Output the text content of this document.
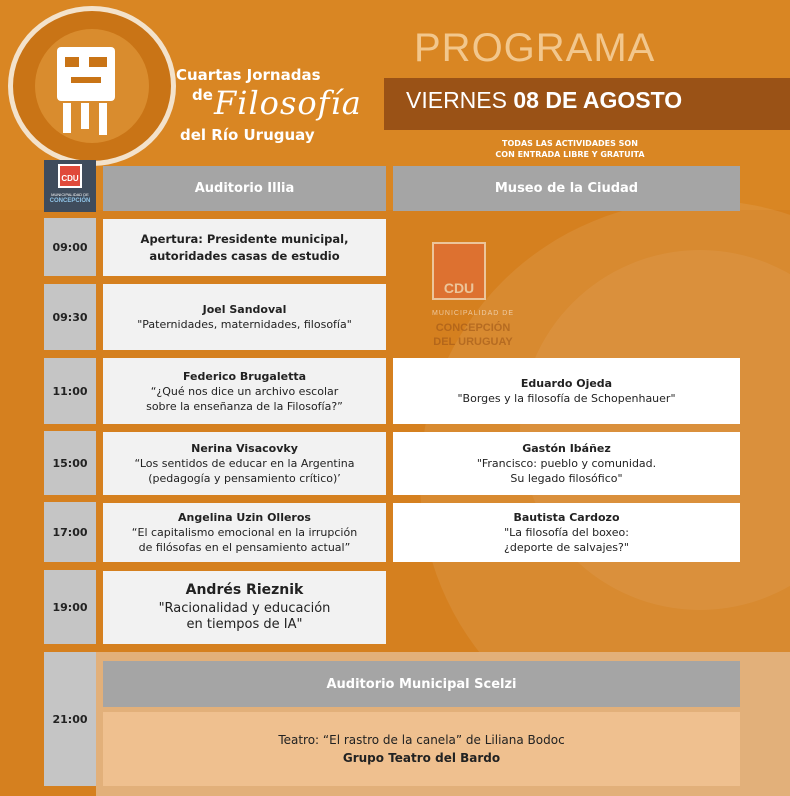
Cuartas Jornadas
de Filosofía
del Río Uruguay
PROGRAMA
VIERNES 08 DE AGOSTO
TODAS LAS ACTIVIDADES SON
CON ENTRADA LIBRE Y GRATUITA
CDU
MUNICIPALIDAD DE
CONCEPCIÓN
Auditorio Illia	Museo de la Ciudad
09:00
09:30
11:00
15:00
17:00
19:00
21:00
Apertura: Presidente municipal,
autoridades casas de estudio
Joel Sandoval
"Paternidades, maternidades, filosofía"
Federico Brugaletta
“¿Qué nos dice un archivo escolar
sobre la enseñanza de la Filosofía?”
Nerina Visacovky
“Los sentidos de educar en la Argentina
(pedagogía y pensamiento crítico)’
Angelina Uzin Olleros
“El capitalismo emocional en la irrupción
de filósofas en el pensamiento actual”
Andrés Rieznik
"Racionalidad y educación
en tiempos de IA"
CDU
MUNICIPALIDAD DE
CONCEPCIÓN
DEL URUGUAY
Eduardo Ojeda
"Borges y la filosofía de Schopenhauer"
Gastón Ibáñez
"Francisco: pueblo y comunidad.
Su legado filosófico"
Bautista Cardozo
"La filosofía del boxeo:
¿deporte de salvajes?"
Auditorio Municipal Scelzi
Teatro: “El rastro de la canela” de Liliana Bodoc
Grupo Teatro del Bardo
